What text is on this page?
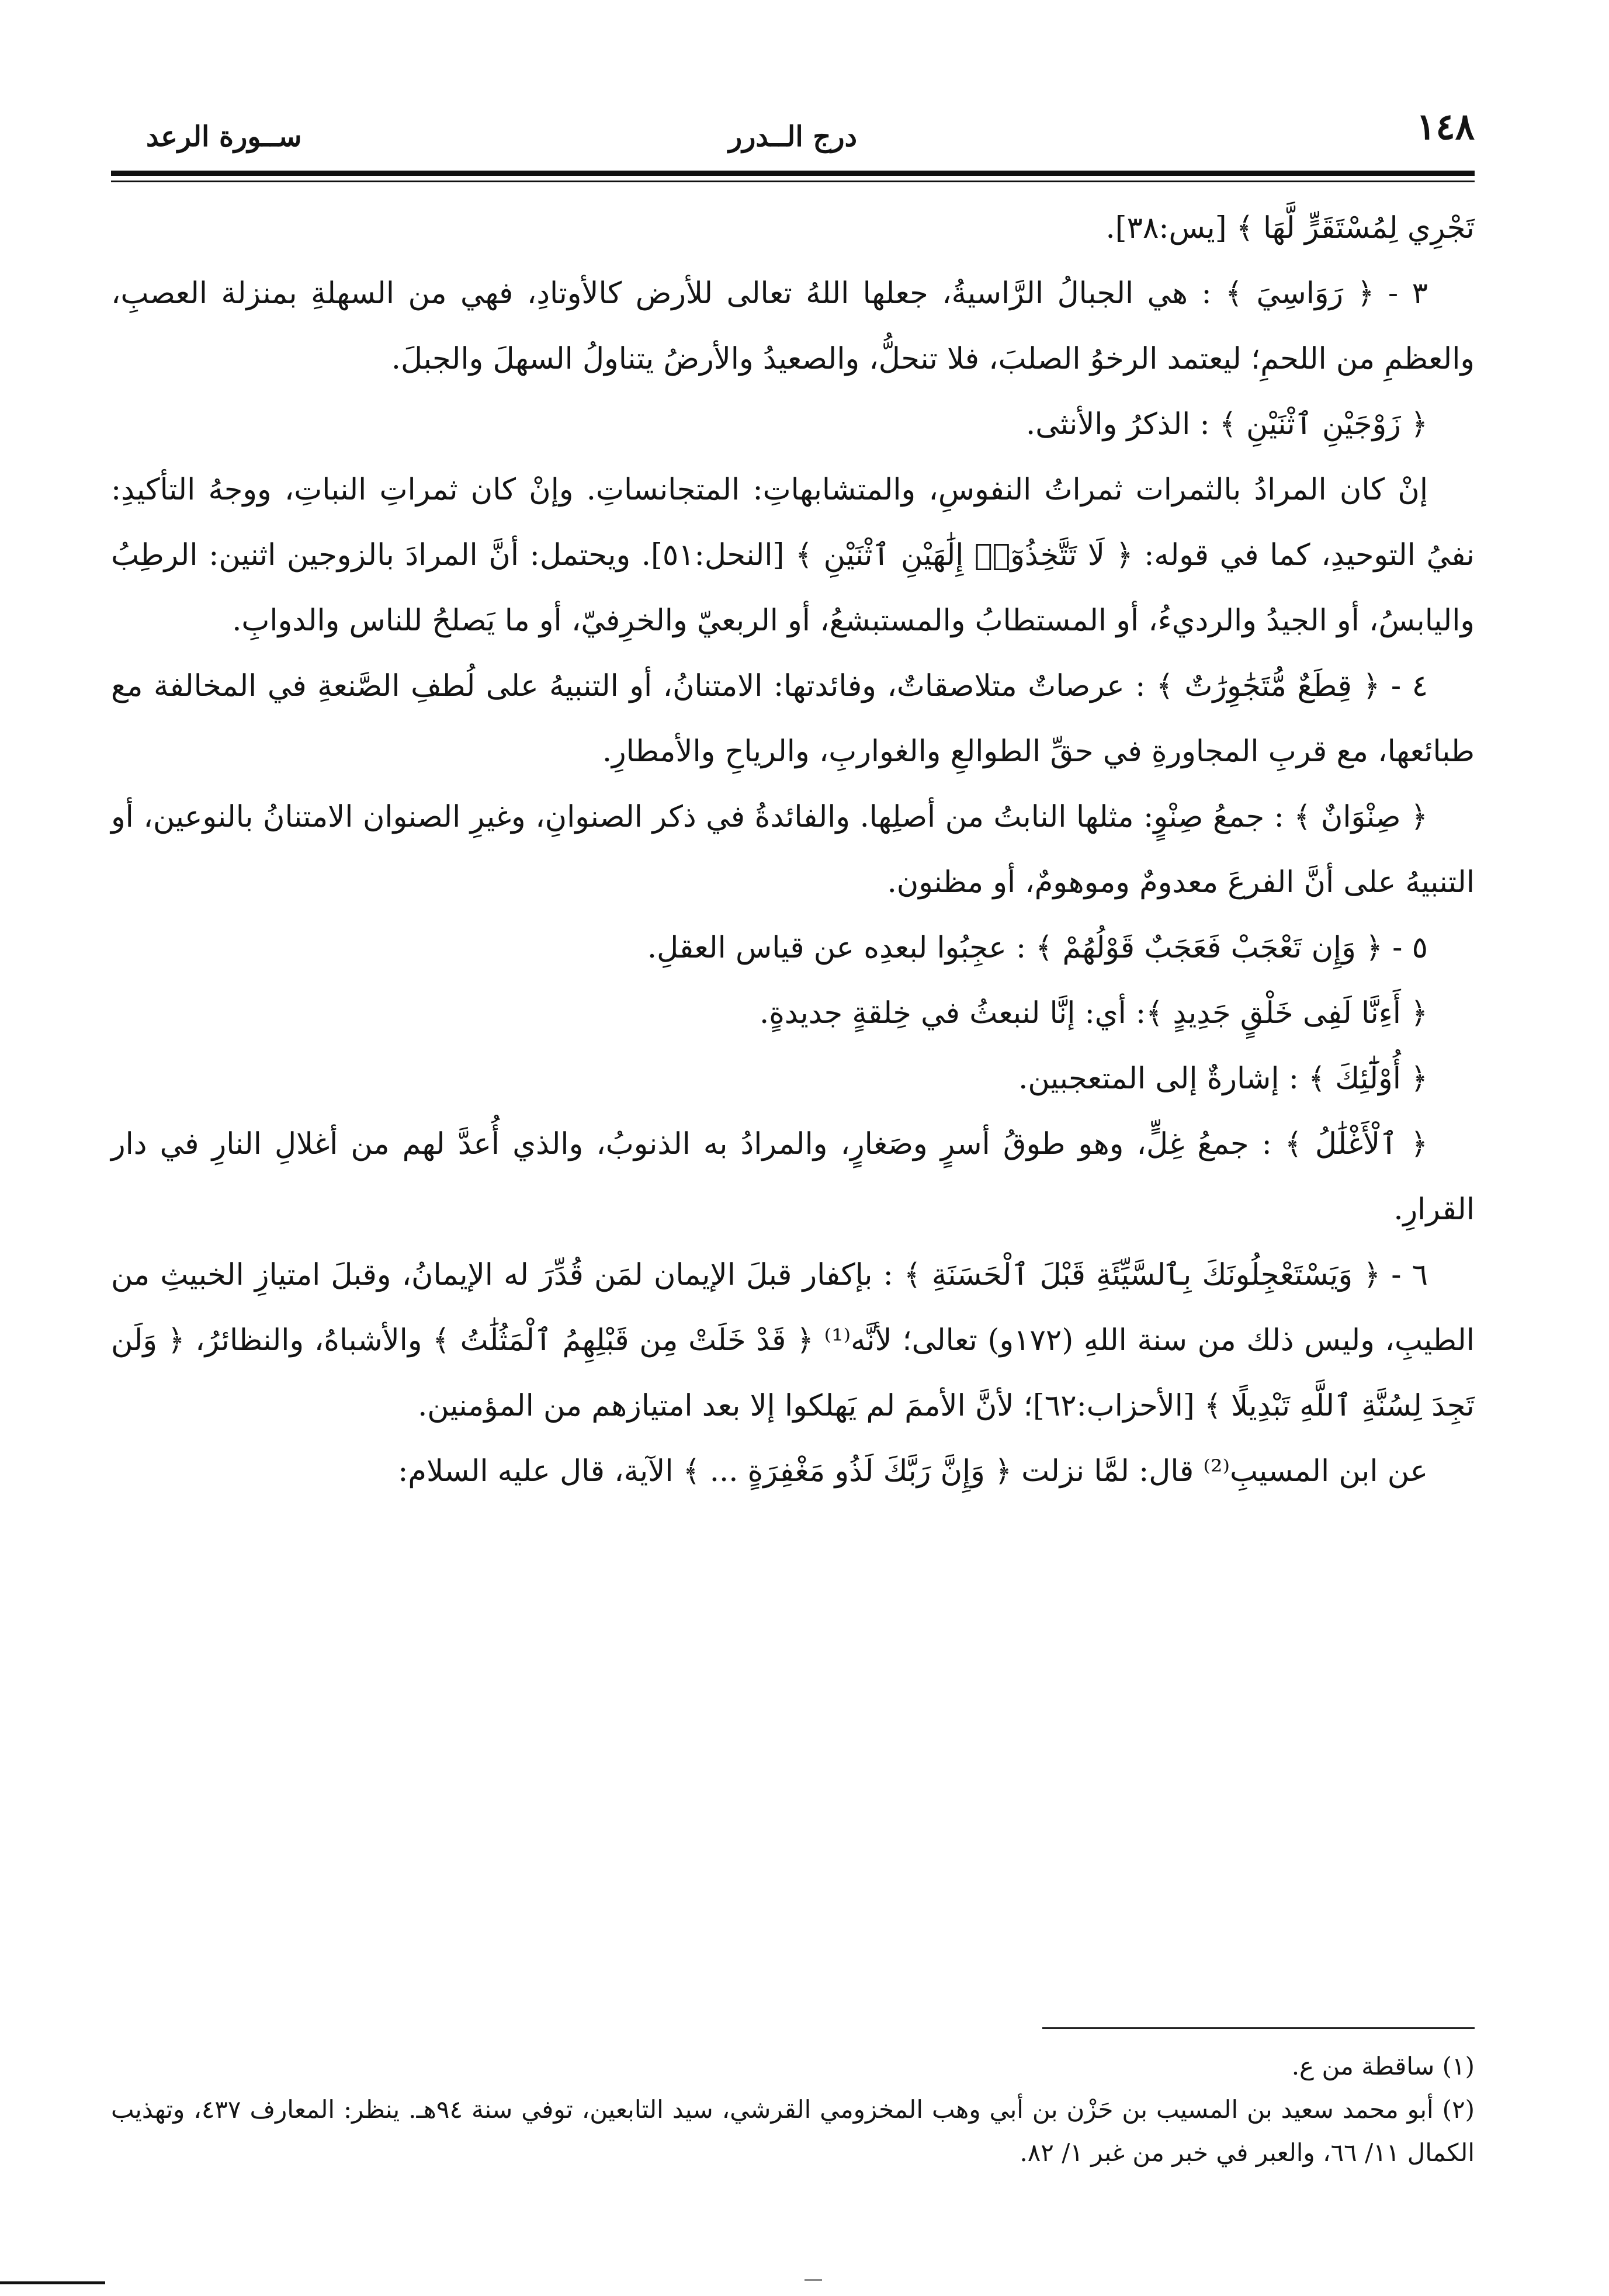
١٤٨
درج الــدرر
ســورة الرعد

تَجْرِي لِمُسْتَقَرٍّ لَّهَا ﴾ [يس:٣٨].

٣ - ﴿ رَوَاسِيَ ﴾ : هي الجبالُ الرَّاسيةُ، جعلها اللهُ تعالى للأرض كالأوتادِ، فهي من السهلةِ بمنزلة العصبِ، والعظمِ من اللحمِ؛ ليعتمد الرخوُ الصلبَ، فلا تنحلُّ، والصعيدُ والأرضُ يتناولُ السهلَ والجبلَ.

﴿ زَوْجَيْنِ ٱثْنَيْنِ ﴾ : الذكرُ والأنثى.

إنْ كان المرادُ بالثمرات ثمراتُ النفوسِ، والمتشابهاتِ: المتجانساتِ. وإنْ كان ثمراتِ النباتِ، ووجهُ التأكيدِ: نفيُ التوحيدِ، كما في قوله: ﴿ لَا تَتَّخِذُوٓا۟ إِلَٰهَيْنِ ٱثْنَيْنِ ﴾ [النحل:٥١]. ويحتمل: أنَّ المرادَ بالزوجين اثنين: الرطِبُ واليابسُ، أو الجيدُ والرديءُ، أو المستطابُ والمستبشعُ، أو الربعيّ والخرِفيّ، أو ما يَصلحُ للناس والدوابِ.

٤ - ﴿ قِطَعٌ مُّتَجَٰوِرَٰتٌ ﴾ : عرصاتٌ متلاصقاتٌ، وفائدتها: الامتنانُ، أو التنبيهُ على لُطفِ الصَّنعةِ في المخالفة مع طبائعها، مع قربِ المجاورةِ في حقِّ الطوالعِ والغواربِ، والرياحِ والأمطارِ.

﴿ صِنْوَانٌ ﴾ : جمعُ صِنْوٍ: مثلها النابتُ من أصلِها. والفائدةُ في ذكر الصنوانِ، وغيرِ الصنوان الامتنانُ بالنوعين، أو التنبيهُ على أنَّ الفرعَ معدومٌ وموهومٌ، أو مظنون.

٥ - ﴿ وَإِن تَعْجَبْ فَعَجَبٌ قَوْلُهُمْ ﴾ : عجِبُوا لبعدِه عن قياس العقلِ.

﴿ أَءِنَّا لَفِى خَلْقٍ جَدِيدٍ ﴾: أي: إنَّا لنبعثُ في خِلقةٍ جديدةٍ.

﴿ أُوْلَٰٓئِكَ ﴾ : إشارةٌ إلى المتعجبين.

﴿ ٱلْأَغْلَٰلُ ﴾ : جمعُ غِلٍّ، وهو طوقُ أسرٍ وصَغارٍ، والمرادُ به الذنوبُ، والذي أُعدَّ لهم من أغلالِ النارِ في دار القرارِ.

٦ - ﴿ وَيَسْتَعْجِلُونَكَ بِٱلسَّيِّئَةِ قَبْلَ ٱلْحَسَنَةِ ﴾ : بإكفار قبلَ الإيمان لمَن قُدِّرَ له الإيمانُ، وقبلَ امتيازِ الخبيثِ من الطيبِ، وليس ذلك من سنة اللهِ (١٧٢و) تعالى؛ لأنَّه⁽¹⁾ ﴿ قَدْ خَلَتْ مِن قَبْلِهِمُ ٱلْمَثُلَٰتُ ﴾ والأشباهُ، والنظائرُ، ﴿ وَلَن تَجِدَ لِسُنَّةِ ٱللَّهِ تَبْدِيلًا ﴾ [الأحزاب:٦٢]؛ لأنَّ الأممَ لم يَهلكوا إلا بعد امتيازهم من المؤمنين.

عن ابن المسيبِ⁽²⁾ قال: لمَّا نزلت ﴿ وَإِنَّ رَبَّكَ لَذُو مَغْفِرَةٍ ... ﴾ الآية، قال عليه السلام:

(١) ساقطة من ع.

(٢) أبو محمد سعيد بن المسيب بن حَزْن بن أبي وهب المخزومي القرشي، سيد التابعين، توفي سنة ٩٤هـ. ينظر: المعارف ٤٣٧، وتهذيب الكمال ١١/ ٦٦، والعبر في خبر من غبر ١/ ٨٢.
